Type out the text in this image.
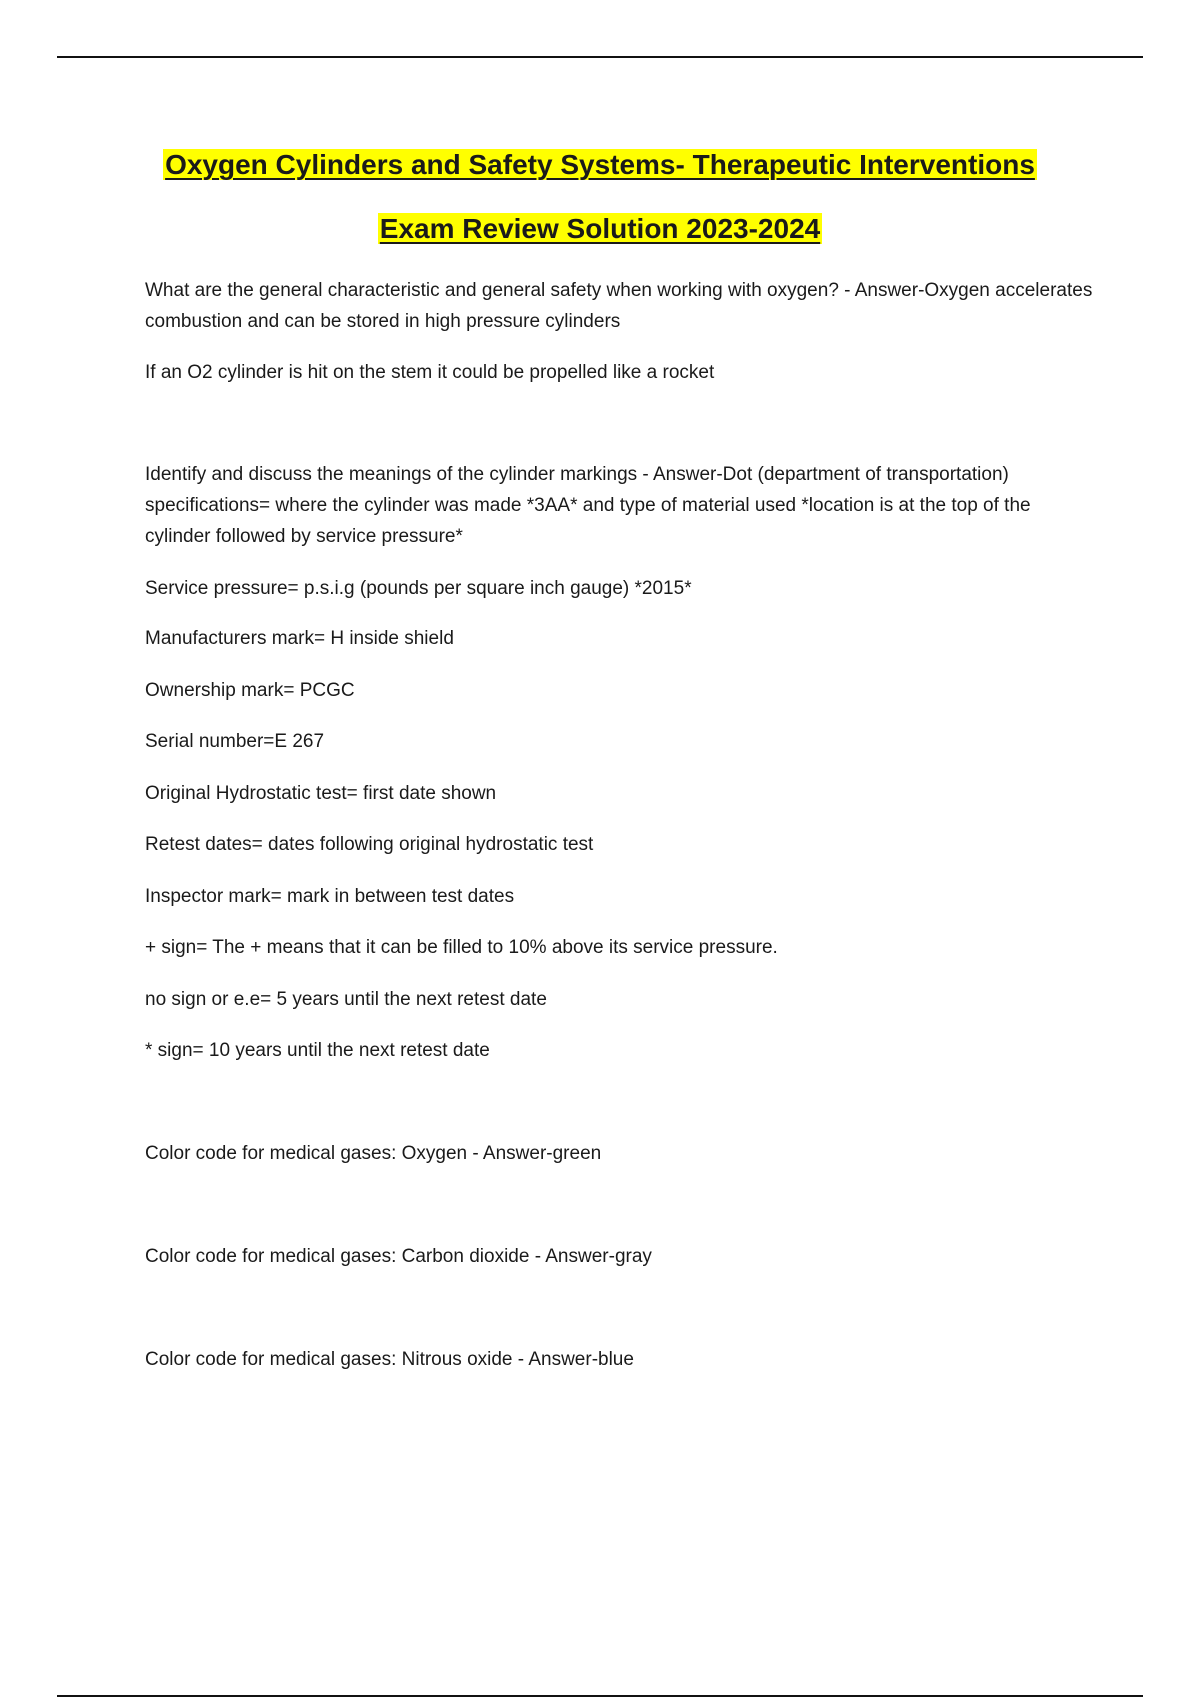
Oxygen Cylinders and Safety Systems- Therapeutic Interventions
Exam Review Solution 2023-2024

What are the general characteristic and general safety when working with oxygen? - Answer-Oxygen accelerates combustion and can be stored in high pressure cylinders

If an O2 cylinder is hit on the stem it could be propelled like a rocket

Identify and discuss the meanings of the cylinder markings - Answer-Dot (department of transportation) specifications= where the cylinder was made *3AA* and type of material used *location is at the top of the cylinder followed by service pressure*

Service pressure= p.s.i.g (pounds per square inch gauge) *2015*

Manufacturers mark= H inside shield

Ownership mark= PCGC

Serial number=E 267

Original Hydrostatic test= first date shown

Retest dates= dates following original hydrostatic test

Inspector mark= mark in between test dates

+ sign= The + means that it can be filled to 10% above its service pressure.

no sign or e.e= 5 years until the next retest date

* sign= 10 years until the next retest date

Color code for medical gases: Oxygen - Answer-green

Color code for medical gases: Carbon dioxide - Answer-gray

Color code for medical gases: Nitrous oxide - Answer-blue
